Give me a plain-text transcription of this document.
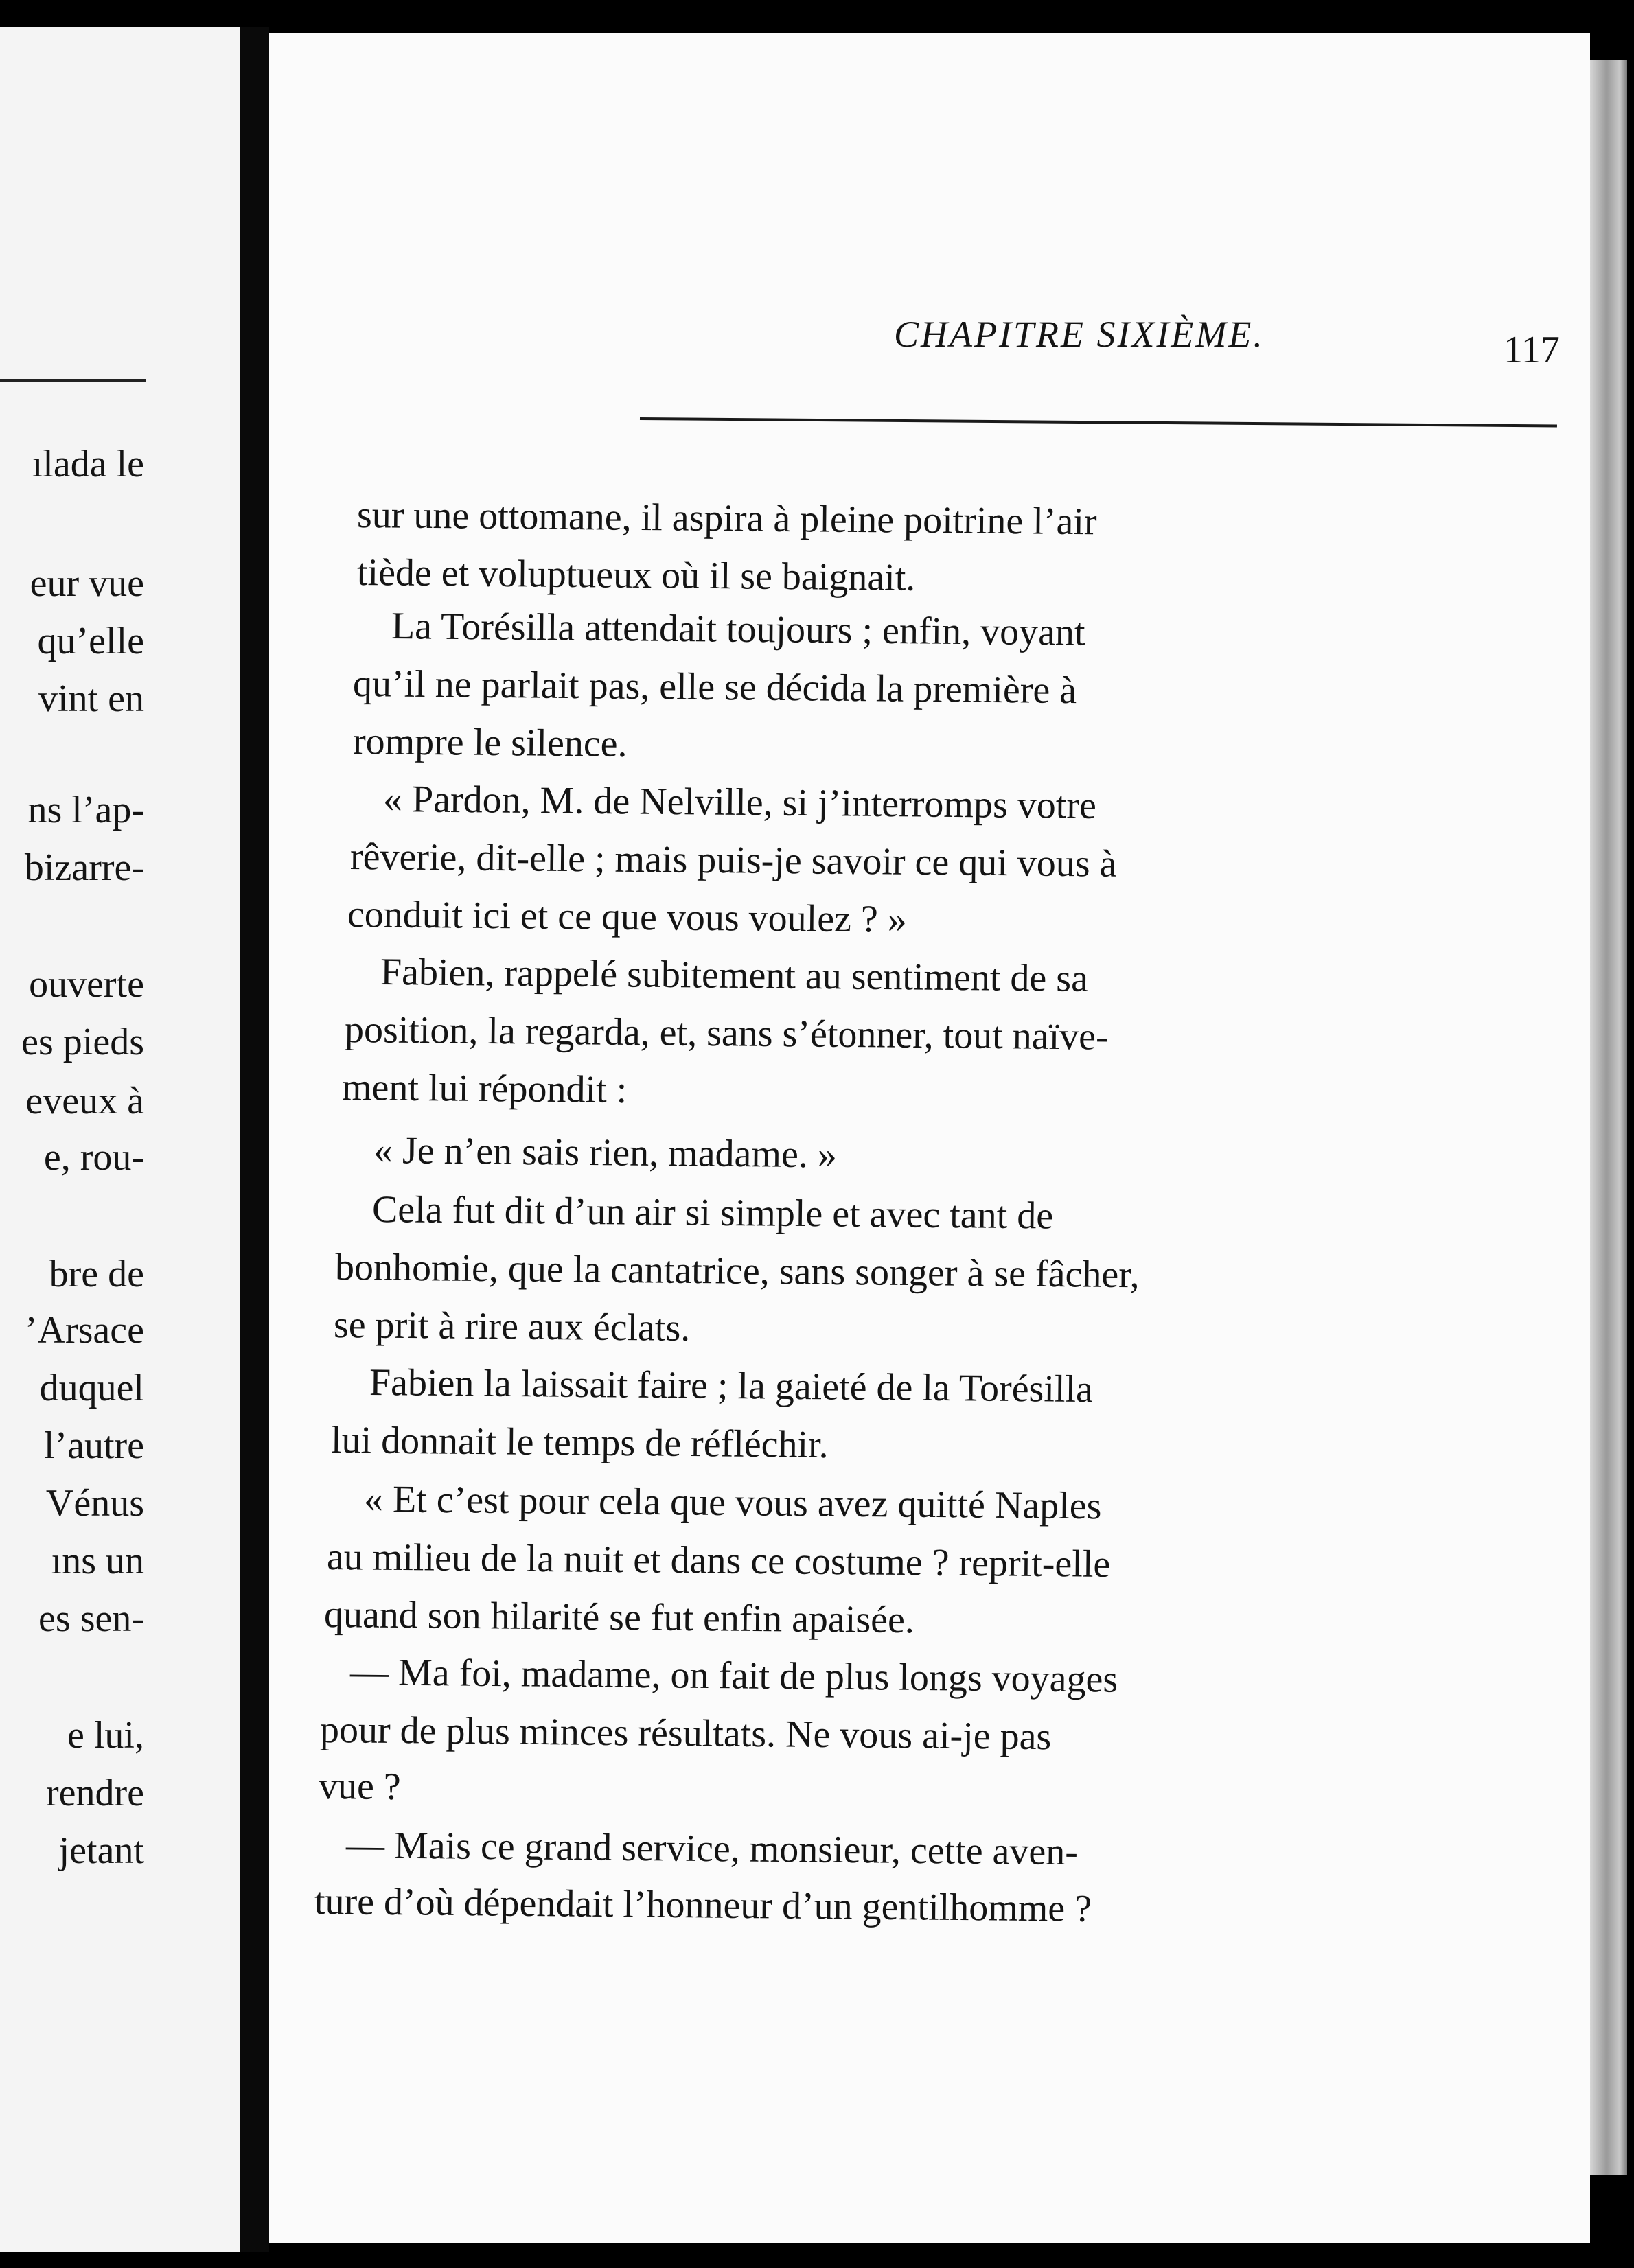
ılada le
eur vue
qu’elle
vint en
ns l’ap-
bizarre-
ouverte
es pieds
eveux à
e, rou-
bre de
’Arsace
duquel
l’autre
Vénus
ıns un
es sen-
e lui,
rendre
jetant
CHAPITRE SIXIÈME.	117
sur une ottomane, il aspira à pleine poitrine l’air
tiède et voluptueux où il se baignait.
La Torésilla attendait toujours ; enfin, voyant
qu’il ne parlait pas, elle se décida la première à
rompre le silence.
« Pardon, M. de Nelville, si j’interromps votre
rêverie, dit-elle ; mais puis-je savoir ce qui vous à
conduit ici et ce que vous voulez ? »
Fabien, rappelé subitement au sentiment de sa
position, la regarda, et, sans s’étonner, tout naïve-
ment lui répondit :
« Je n’en sais rien, madame. »
Cela fut dit d’un air si simple et avec tant de
bonhomie, que la cantatrice, sans songer à se fâcher,
se prit à rire aux éclats.
Fabien la laissait faire ; la gaieté de la Torésilla
lui donnait le temps de réfléchir.
« Et c’est pour cela que vous avez quitté Naples
au milieu de la nuit et dans ce costume ? reprit-elle
quand son hilarité se fut enfin apaisée.
— Ma foi, madame, on fait de plus longs voyages
pour de plus minces résultats. Ne vous ai-je pas
vue ?
— Mais ce grand service, monsieur, cette aven-
ture d’où dépendait l’honneur d’un gentilhomme ?
